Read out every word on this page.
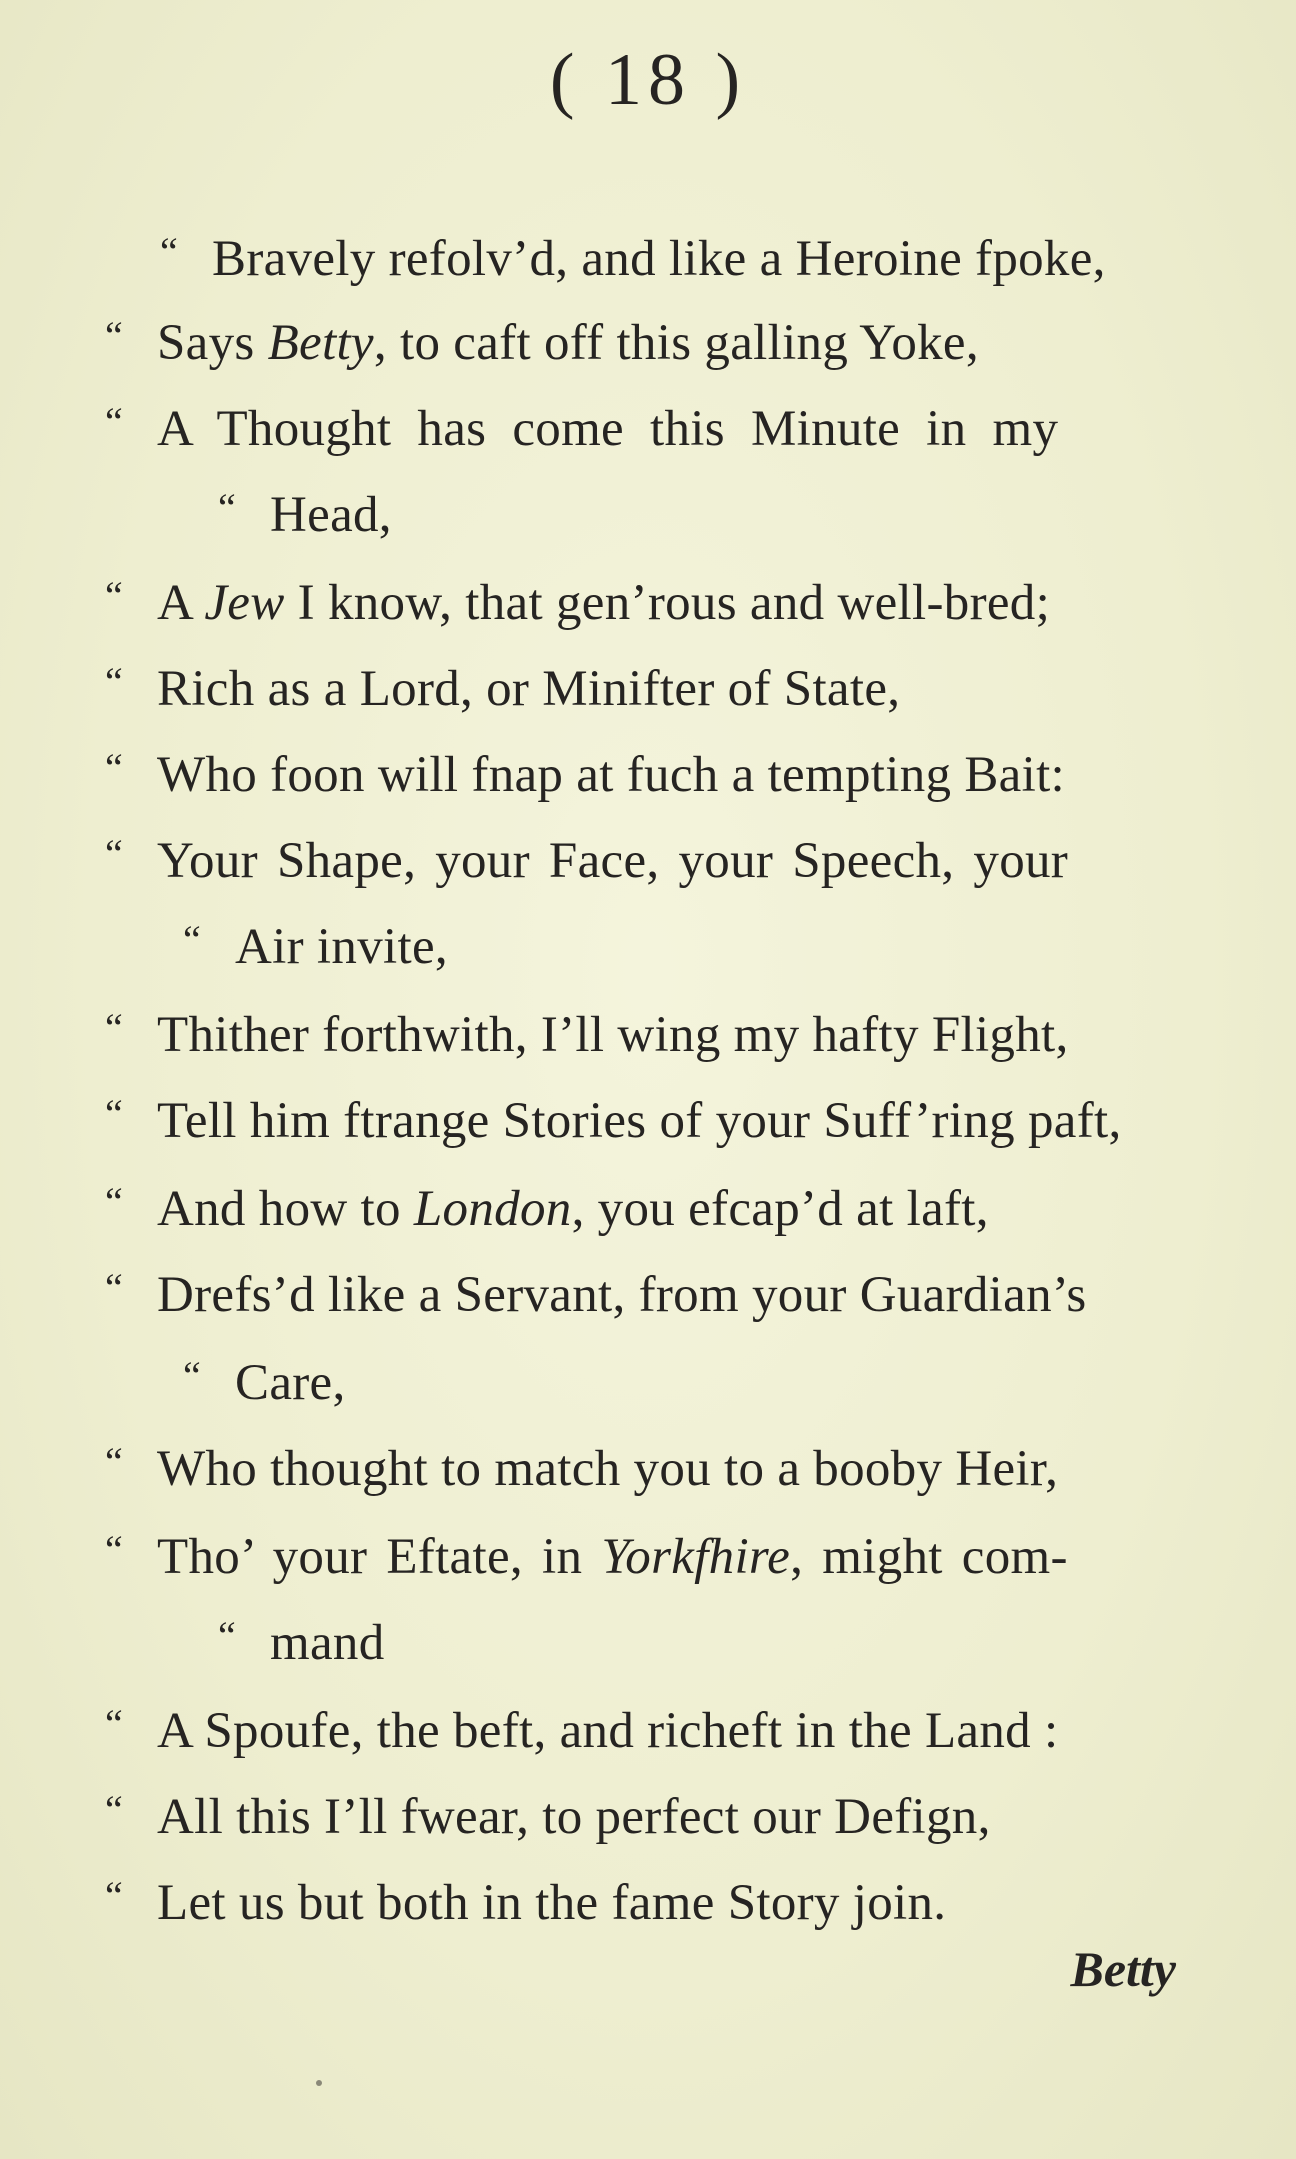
( 18 )
“ Bravely refolv’d, and like a Heroine fpoke,
“ Says Betty, to caft off this galling Yoke,
“ A Thought has come this Minute in my
“ Head,
“ A Jew I know, that gen’rous and well-bred;
“ Rich as a Lord, or Minifter of State,
“ Who foon will fnap at fuch a tempting Bait:
“ Your Shape, your Face, your Speech, your
“ Air invite,
“ Thither forthwith, I’ll wing my hafty Flight,
“ Tell him ftrange Stories of your Suff’ring paft,
“ And how to London, you efcap’d at laft,
“ Drefs’d like a Servant, from your Guardian’s
“ Care,
“ Who thought to match you to a booby Heir,
“ Tho’ your Eftate, in Yorkfhire, might com-
“ mand
“ A Spoufe, the beft, and richeft in the Land :
“ All this I’ll fwear, to perfect our Defign,
“ Let us but both in the fame Story join.
Betty
